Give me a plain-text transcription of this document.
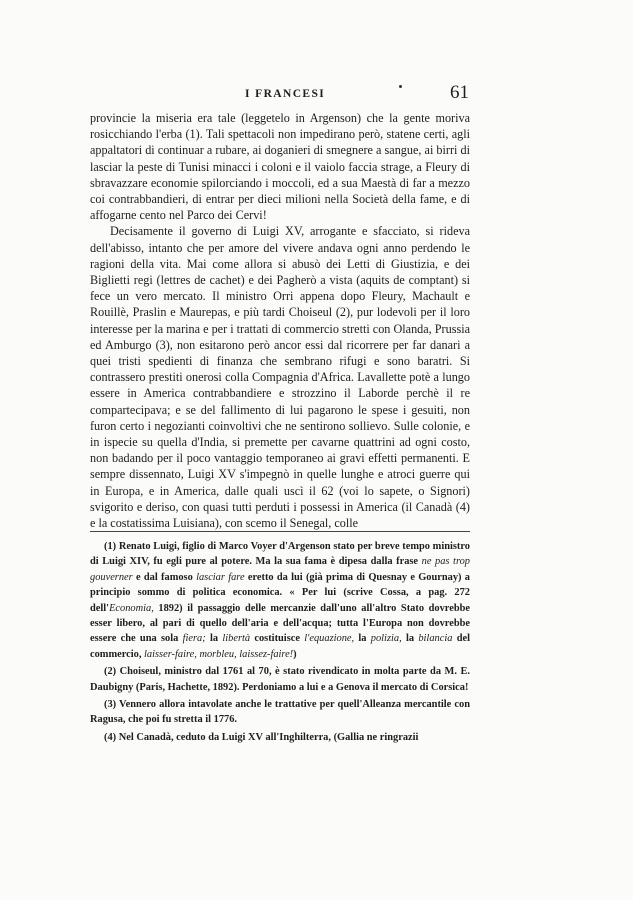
I FRANCESI	61

provincie la miseria era tale (leggetelo in Argenson) che la gente moriva rosicchiando l'erba (1). Tali spettacoli non impedirano però, statene certi, agli appaltatori di continuar a rubare, ai doganieri di smegnere a sangue, ai birri di lasciar la peste di Tunisi minacci i coloni e il vaiolo faccia strage, a Fleury di sbravazzare economie spilorciando i moccoli, ed a sua Maestà di far a mezzo coi contrabbandieri, di entrar per dieci milioni nella Società della fame, e di affogarne cento nel Parco dei Cervi!

Decisamente il governo di Luigi XV, arrogante e sfacciato, si rideva dell'abisso, intanto che per amore del vivere andava ogni anno perdendo le ragioni della vita. Mai come allora si abusò dei Letti di Giustizia, e dei Biglietti regi (lettres de cachet) e dei Pagherò a vista (aquits de comptant) si fece un vero mercato. Il ministro Orri appena dopo Fleury, Machault e Rouillè, Praslin e Maurepas, e più tardi Choiseul (2), pur lodevoli per il loro interesse per la marina e per i trattati di commercio stretti con Olanda, Prussia ed Amburgo (3), non esitarono però ancor essi dal ricorrere per far danari a quei tristi spedienti di finanza che sembrano rifugi e sono baratri. Si contrassero prestiti onerosi colla Compagnia d'Africa. Lavallette potè a lungo essere in America contrabbandiere e strozzino il Laborde perchè il re compartecipava; e se del fallimento di lui pagarono le spese i gesuiti, non furon certo i negozianti coinvoltivi che ne sentirono sollievo. Sulle colonie, e in ispecie su quella d'India, si premette per cavarne quattrini ad ogni costo, non badando per il poco vantaggio temporaneo ai gravi effetti permanenti. E sempre dissennato, Luigi XV s'impegnò in quelle lunghe e atroci guerre qui in Europa, e in America, dalle quali uscì il 62 (voi lo sapete, o Signori) svigorito e deriso, con quasi tutti perduti i possessi in America (il Canadà (4) e la costatissima Luisiana), con scemo il Senegal, colle

(1) Renato Luigi, figlio di Marco Voyer d'Argenson stato per breve tempo ministro di Luigi XIV, fu egli pure al potere. Ma la sua fama è dipesa dalla frase ne pas trop gouverner e dal famoso lasciar fare eretto da lui (già prima di Quesnay e Gournay) a principio sommo di politica economica. « Per lui (scrive Cossa, a pag. 272 dell'Economia, 1892) il passaggio delle mercanzie dall'uno all'altro Stato dovrebbe esser libero, al pari di quello dell'aria e dell'acqua; tutta l'Europa non dovrebbe essere che una sola fiera; la libertà costituisce l'equazione, la polizia, la bilancia del commercio, laisser-faire, morbleu, laissez-faire!)

(2) Choiseul, ministro dal 1761 al 70, è stato rivendicato in molta parte da M. E. Daubigny (Paris, Hachette, 1892). Perdoniamo a lui e a Genova il mercato di Corsica!

(3) Vennero allora intavolate anche le trattative per quell'Alleanza mercantile con Ragusa, che poi fu stretta il 1776.

(4) Nel Canadà, ceduto da Luigi XV all'Inghilterra, (Gallia ne ringrazii
